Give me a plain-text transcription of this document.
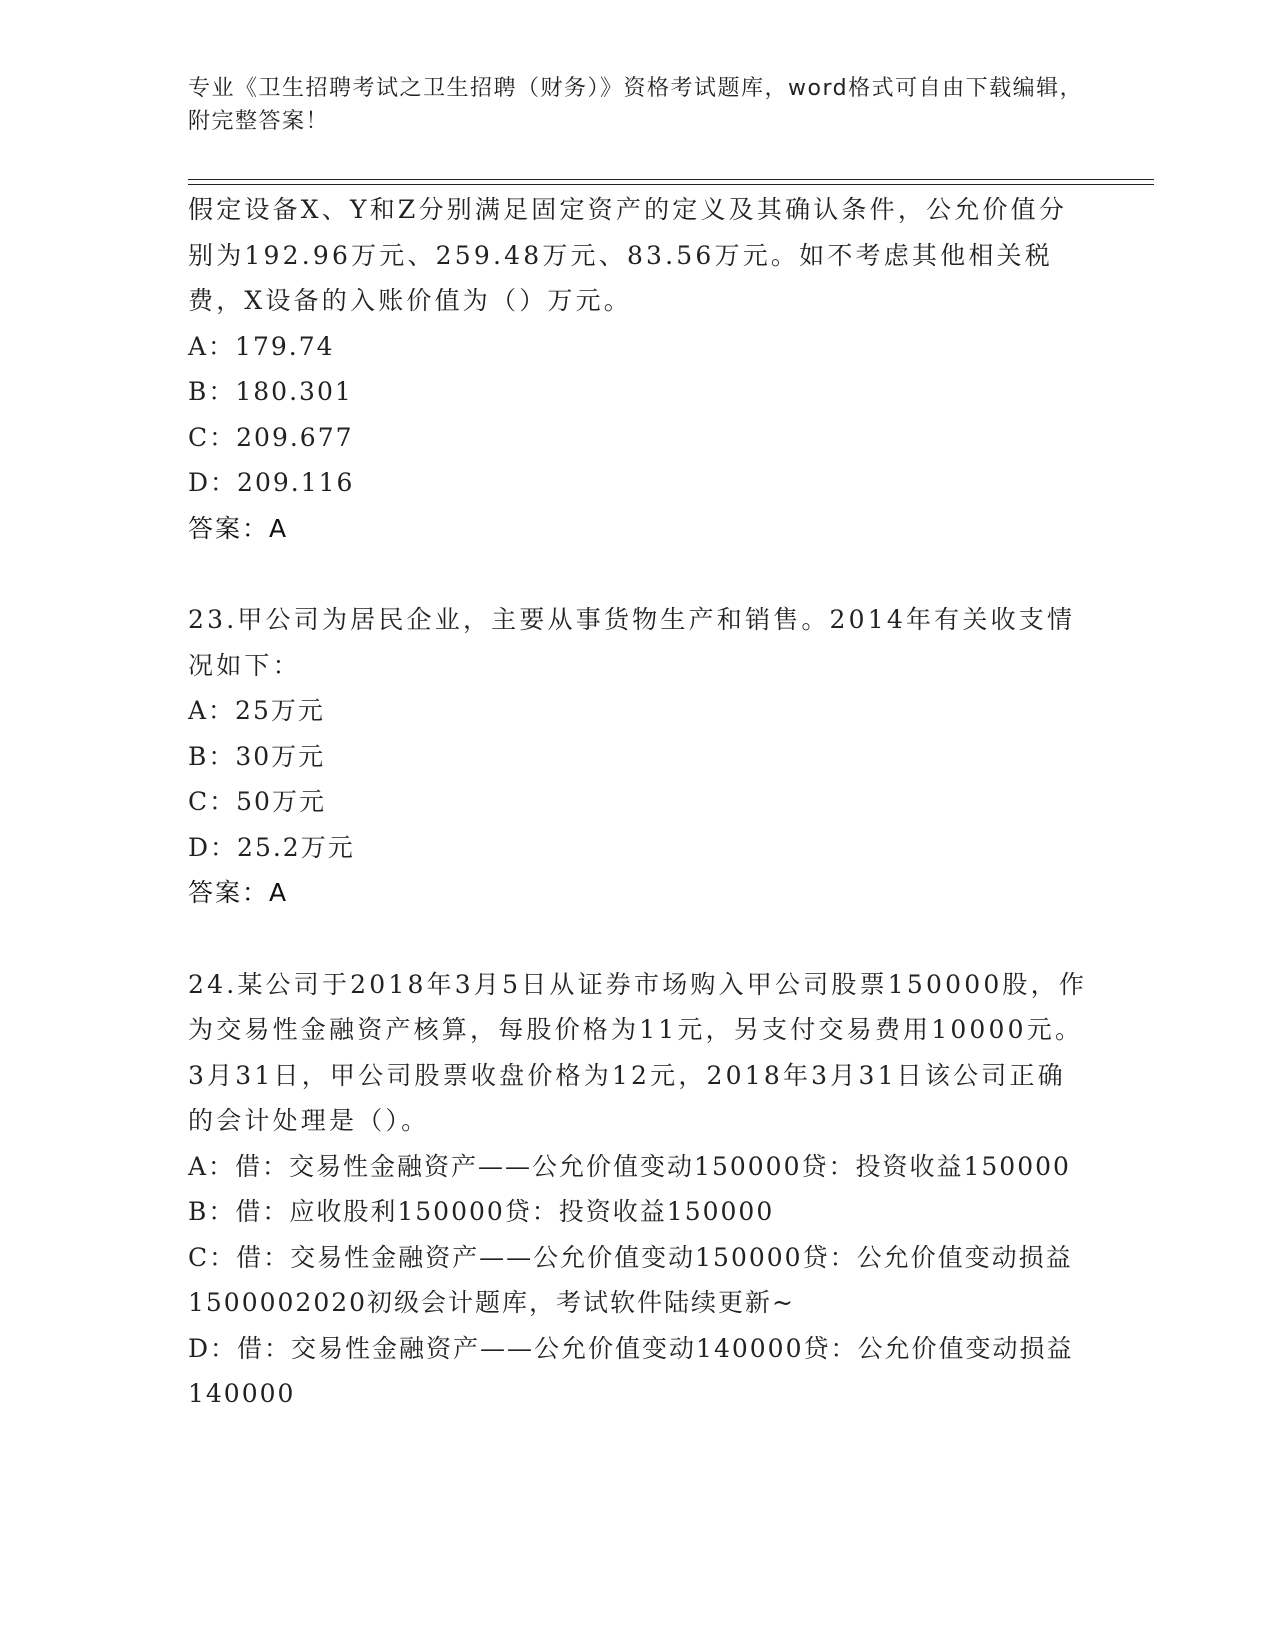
专业《卫生招聘考试之卫生招聘（财务）》资格考试题库，word格式可自由下载编辑，附完整答案！

假定设备X、Y和Z分别满足固定资产的定义及其确认条件，公允价值分别为192.96万元、259.48万元、83.56万元。如不考虑其他相关税费，X设备的入账价值为（）万元。

A：179.74

B：180.301

C：209.677

D：209.116

答案：A

23.甲公司为居民企业，主要从事货物生产和销售。2014年有关收支情况如下：

A：25万元

B：30万元

C：50万元

D：25.2万元

答案：A

24.某公司于2018年3月5日从证券市场购入甲公司股票150000股，作为交易性金融资产核算，每股价格为11元，另支付交易费用10000元。3月31日，甲公司股票收盘价格为12元，2018年3月31日该公司正确的会计处理是（）。

A：借：交易性金融资产——公允价值变动150000贷：投资收益150000

B：借：应收股利150000贷：投资收益150000

C：借：交易性金融资产——公允价值变动150000贷：公允价值变动损益1500002020初级会计题库，考试软件陆续更新~

D：借：交易性金融资产——公允价值变动140000贷：公允价值变动损益140000
